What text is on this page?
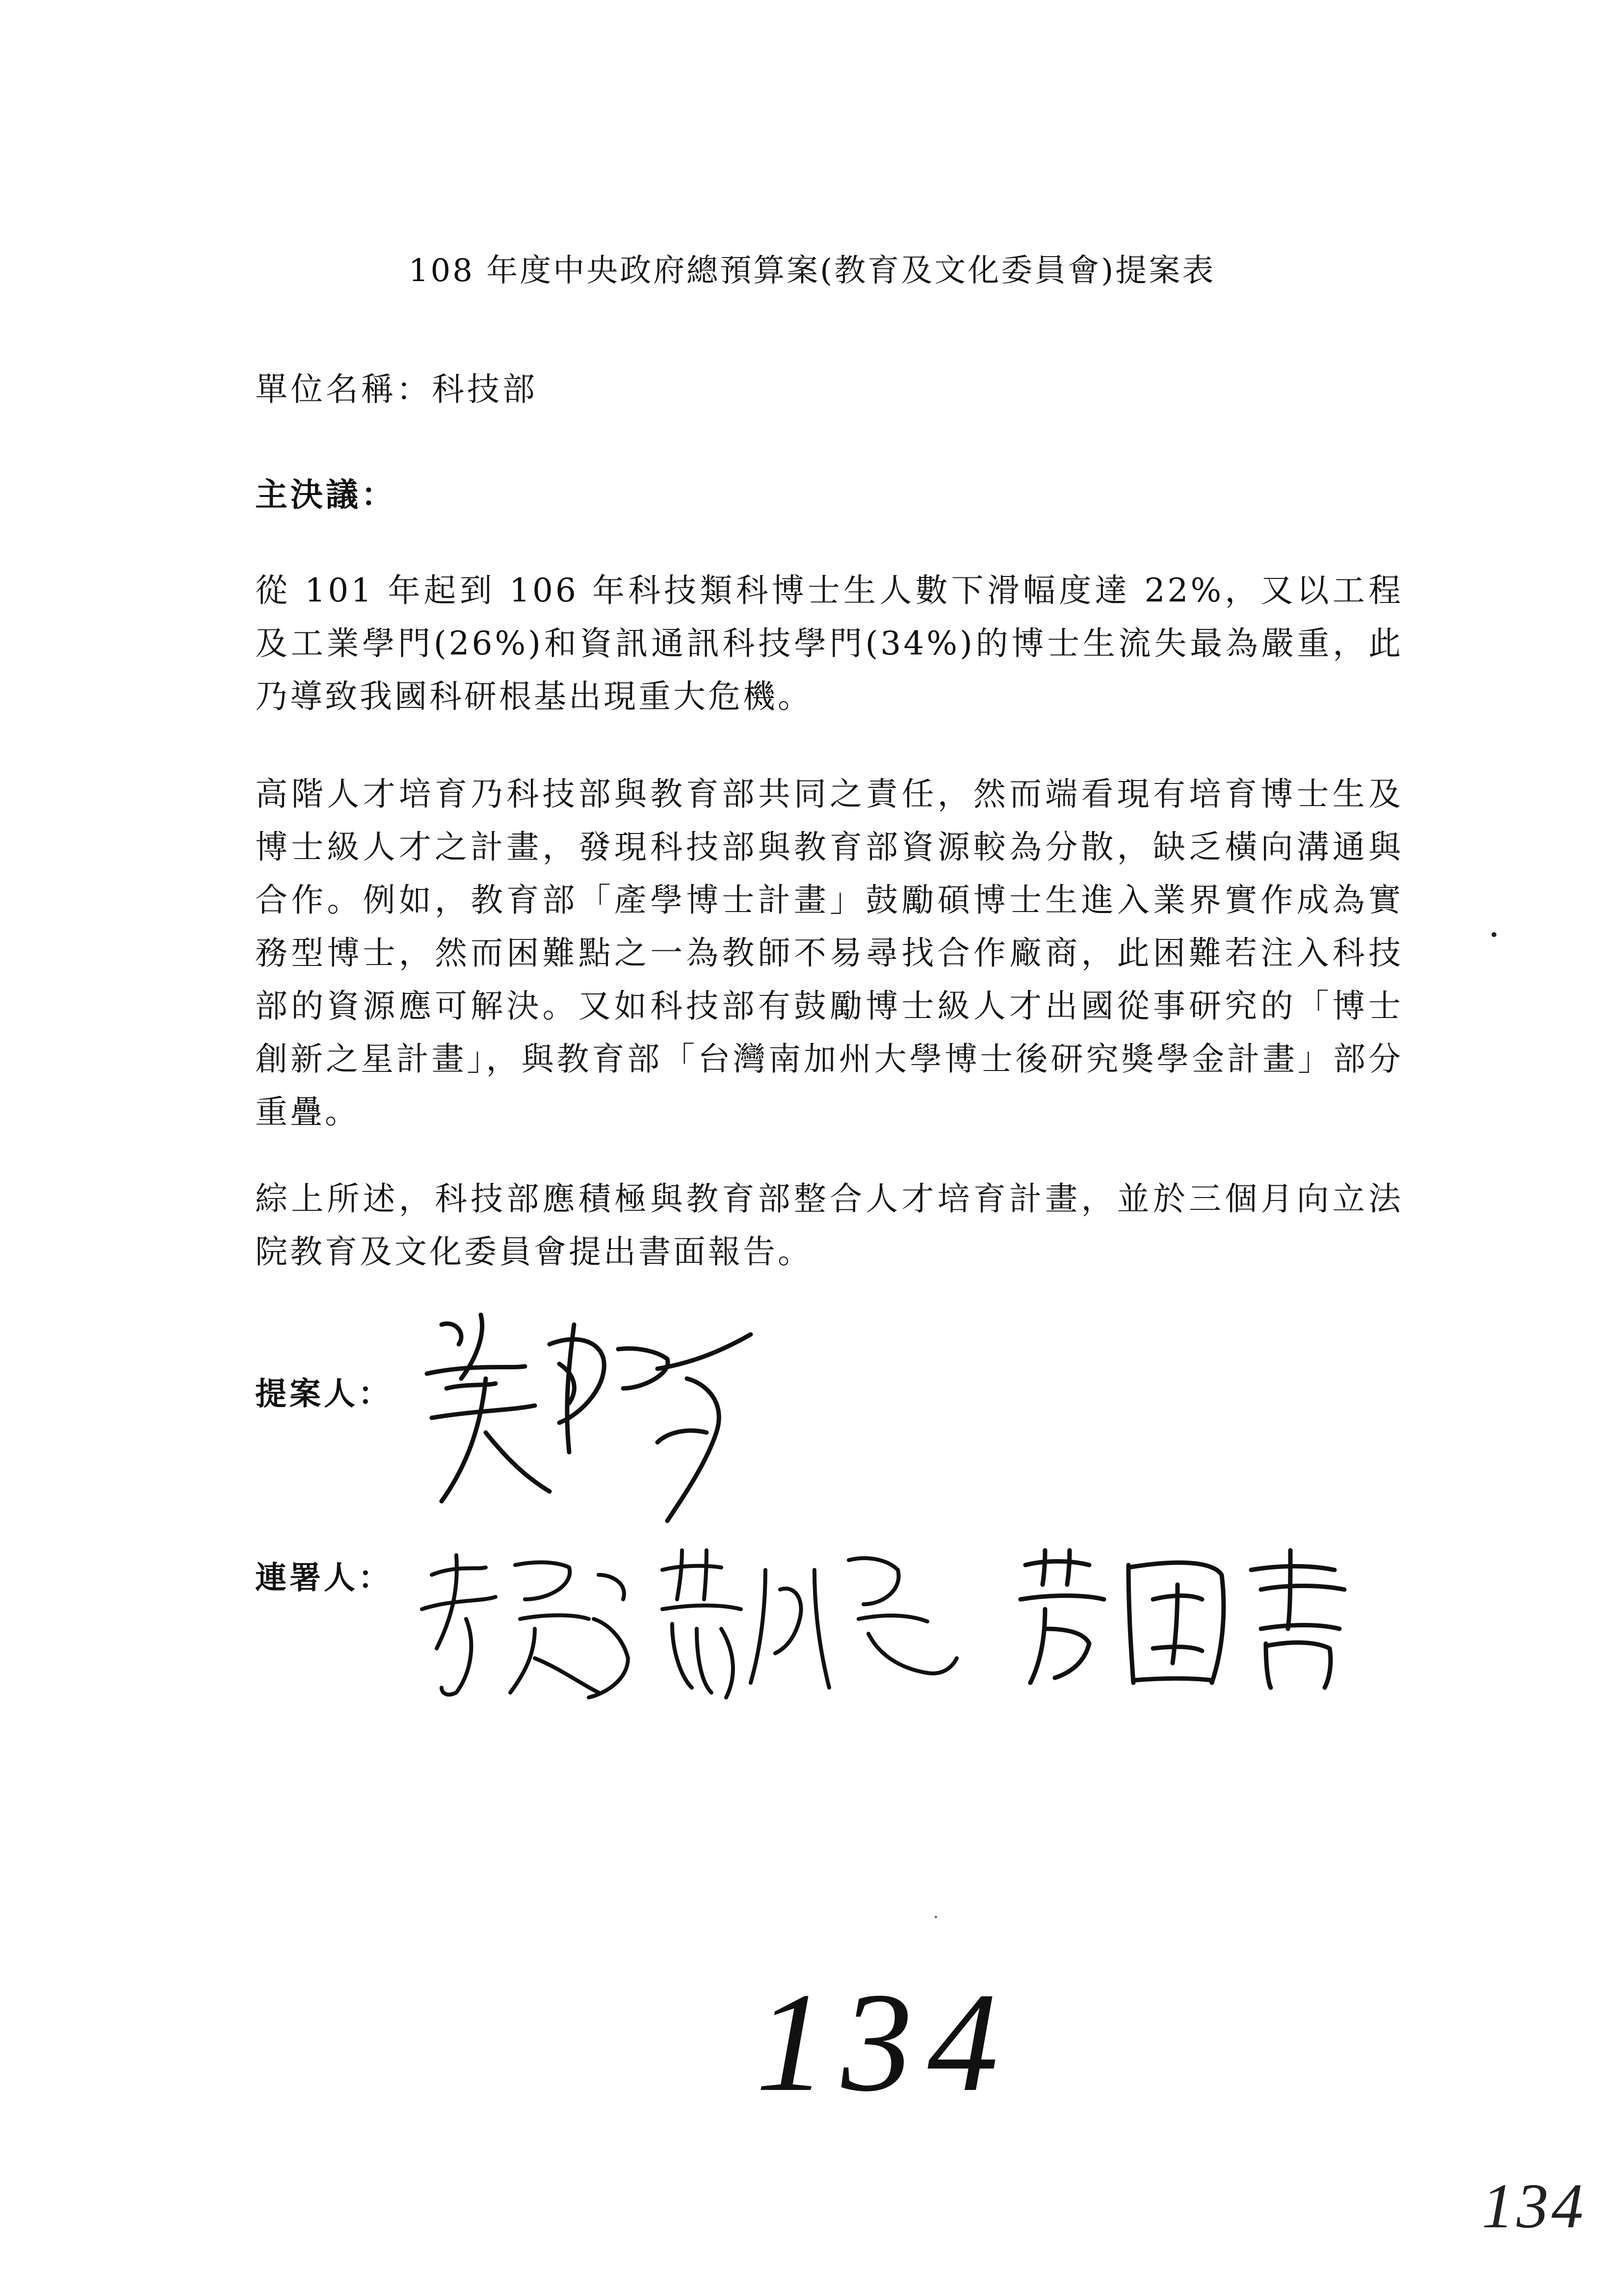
108 年度中央政府總預算案(教育及文化委員會)提案表
單位名稱：科技部
主決議：

從 101 年起到 106 年科技類科博士生人數下滑幅度達 22%，又以工程及工業學門(26%)和資訊通訊科技學門(34%)的博士生流失最為嚴重，此乃導致我國科研根基出現重大危機。

高階人才培育乃科技部與教育部共同之責任，然而端看現有培育博士生及博士級人才之計畫，發現科技部與教育部資源較為分散，缺乏橫向溝通與合作。例如，教育部「產學博士計畫」鼓勵碩博士生進入業界實作成為實務型博士，然而困難點之一為教師不易尋找合作廠商，此困難若注入科技部的資源應可解決。又如科技部有鼓勵博士級人才出國從事研究的「博士創新之星計畫」，與教育部「台灣南加州大學博士後研究獎學金計畫」部分重疊。

綜上所述，科技部應積極與教育部整合人才培育計畫，並於三個月向立法院教育及文化委員會提出書面報告。

提案人：
連署人：
134
134
